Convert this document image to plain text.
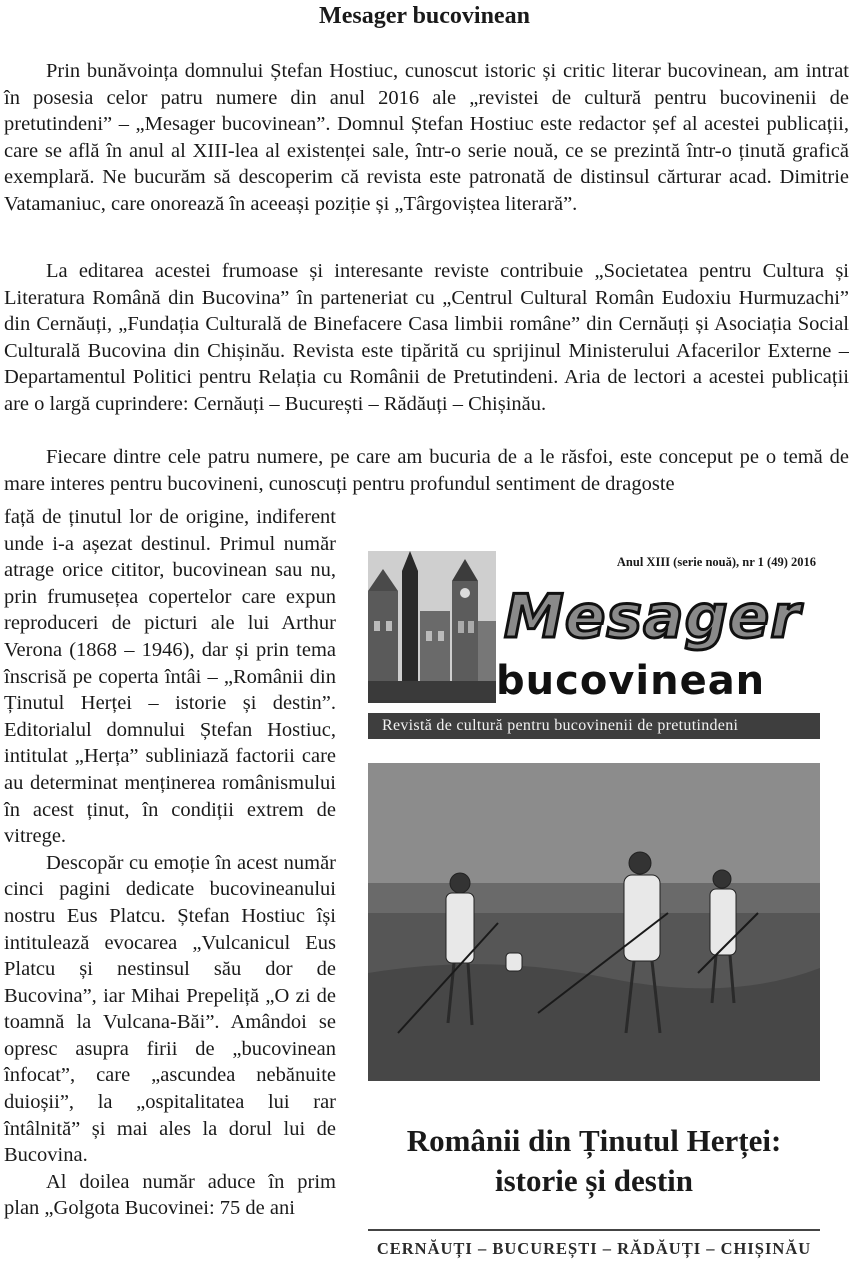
Mesager bucovinean

Prin bunăvoința domnului Ștefan Hostiuc, cunoscut istoric și critic literar bucovinean, am intrat în posesia celor patru numere din anul 2016 ale „revistei de cultură pentru bucovinenii de pretutindeni” – „Mesager bucovinean”. Domnul Ștefan Hostiuc este redactor șef al acestei publicații, care se află în anul al XIII-lea al existenței sale, într-o serie nouă, ce se prezintă într-o ținută grafică exemplară. Ne bucurăm să descoperim că revista este patronată de distinsul cărturar acad. Dimitrie Vatamaniuc, care onorează în aceeași poziție și „Târgoviștea literară”.

La editarea acestei frumoase și interesante reviste contribuie „Societatea pentru Cultura și Literatura Română din Bucovina” în parteneriat cu „Centrul Cultural Român Eudoxiu Hurmuzachi” din Cernăuți, „Fundația Culturală de Binefacere Casa limbii române” din Cernăuți și Asociația Social Culturală Bucovina din Chișinău. Revista este tipărită cu sprijinul Ministerului Afacerilor Externe – Departamentul Politici pentru Relația cu Românii de Pretutindeni. Aria de lectori a acestei publicații are o largă cuprindere: Cernăuți – București – Rădăuți – Chișinău.

Fiecare dintre cele patru numere, pe care am bucuria de a le răsfoi, este conceput pe o temă de mare interes pentru bucovineni, cunoscuți pentru profundul sentiment de dragoste

față de ținutul lor de origine, indiferent unde i-a așezat destinul. Primul număr atrage orice cititor, bucovinean sau nu, prin frumusețea copertelor care expun reproduceri de picturi ale lui Arthur Verona (1868 – 1946), dar și prin tema înscrisă pe coperta întâi – „Românii din Ținutul Herței – istorie și destin”. Editorialul domnului Ștefan Hostiuc, intitulat „Herța” subliniază factorii care au determinat menținerea românismului în acest ținut, în condiții extrem de vitrege.

Descopăr cu emoție în acest număr cinci pagini dedicate bucovineanului nostru Eus Platcu. Ștefan Hostiuc își intitulează evocarea „Vulcanicul Eus Platcu și nestinsul său dor de Bucovina”, iar Mihai Prepeliță „O zi de toamnă la Vulcana-Băi”. Amândoi se opresc asupra firii de „bucovinean înfocat”, care „ascundea nebănuite duioșii”, la „ospitalitatea lui rar întâlnită” și mai ales la dorul lui de Bucovina.

Al doilea număr aduce în prim plan „Golgota Bucovinei: 75 de ani

Anul XIII (serie nouă), nr 1 (49) 2016
Mesager
bucovinean
Revistă de cultură pentru bucovinenii de pretutindeni
Românii din Ținutul Herței:
istorie și destin
CERNĂUȚI – BUCUREȘTI – RĂDĂUȚI – CHIȘINĂU
